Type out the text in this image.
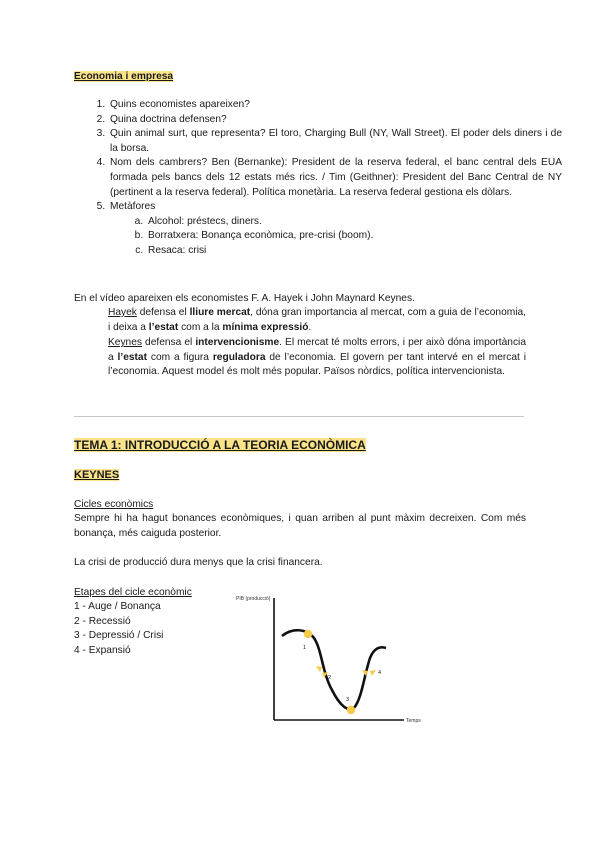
Economia i empresa
1. Quins economistes apareixen?
2. Quina doctrina defensen?
3. Quin animal surt, que representa? El toro, Charging Bull (NY, Wall Street). El poder dels diners i de la borsa.
4. Nom dels cambrers? Ben (Bernanke): President de la reserva federal, el banc central dels EUA formada pels bancs dels 12 estats més rics. / Tim (Geithner): President del Banc Central de NY (pertinent a la reserva federal). Política monetària. La reserva federal gestiona els dòlars.
5. Metàfores
a. Alcohol: préstecs, diners.
b. Borratxera: Bonança econòmica, pre-crisi (boom).
c. Resaca: crisi
En el vídeo apareixen els economistes F. A. Hayek i John Maynard Keynes.
Hayek defensa el lliure mercat, dóna gran importancia al mercat, com a guia de l’economia, i deixa a l’estat com a la mínima expressió.
Keynes defensa el intervencionisme. El mercat té molts errors, i per això dóna importància a l’estat com a figura reguladora de l’economia. El govern per tant intervé en el mercat i l’economia. Aquest model és molt més popular. Països nòrdics, política intervencionista.
TEMA 1: INTRODUCCIÓ A LA TEORIA ECONÒMICA
KEYNES
Cicles econòmics
Sempre hi ha hagut bonances econòmiques, i quan arriben al punt màxim decreixen. Com més bonança, més caiguda posterior.
La crisi de producció dura menys que la crisi financera.
Etapes del cicle econòmic
1 - Auge / Bonança
2 - Recessió
3 - Depressió / Crisi
4 - Expansió
PIB (producció)
Temps
1
2
3
4
